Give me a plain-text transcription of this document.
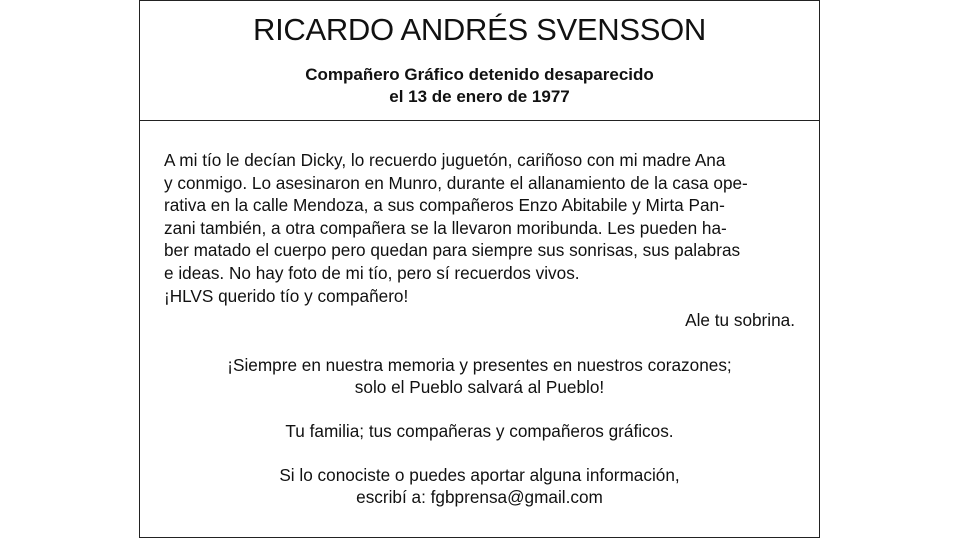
RICARDO ANDRÉS SVENSSON
Compañero Gráfico detenido desaparecido
el 13 de enero de 1977

A mi tío le decían Dicky, lo recuerdo juguetón, cariñoso con mi madre Ana
y conmigo. Lo asesinaron en Munro, durante el allanamiento de la casa ope-
rativa en la calle Mendoza, a sus compañeros Enzo Abitabile y Mirta Pan-
zani también, a otra compañera se la llevaron moribunda. Les pueden ha-
ber matado el cuerpo pero quedan para siempre sus sonrisas, sus palabras
e ideas. No hay foto de mi tío, pero sí recuerdos vivos.
¡HLVS querido tío y compañero!

Ale tu sobrina.

¡Siempre en nuestra memoria y presentes en nuestros corazones;
solo el Pueblo salvará al Pueblo!

Tu familia; tus compañeras y compañeros gráficos.

Si lo conociste o puedes aportar alguna información,
escribí a: fgbprensa@gmail.com
